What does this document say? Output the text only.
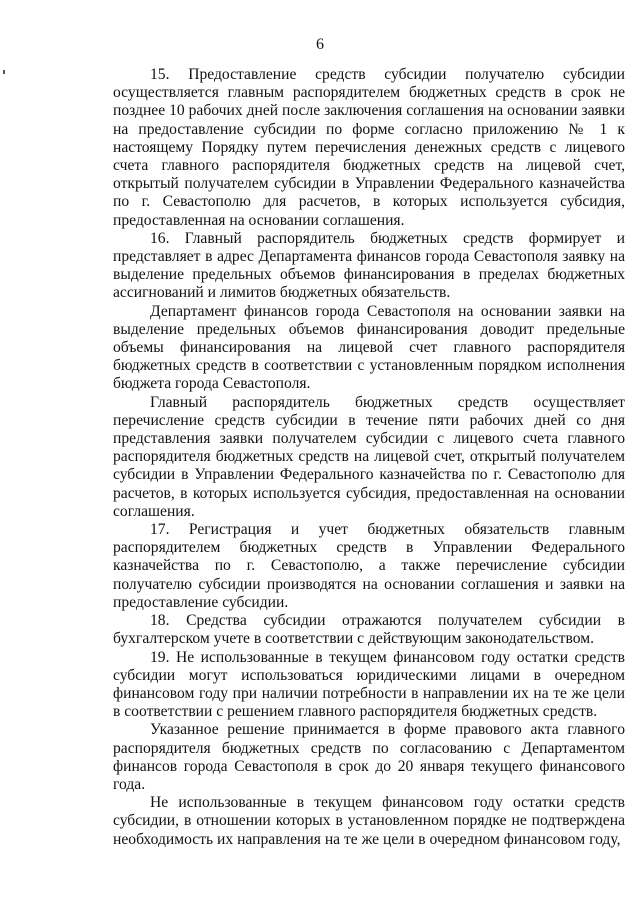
6

15. Предоставление средств субсидии получателю субсидии осуществляется главным распорядителем бюджетных средств в срок не позднее 10 рабочих дней после заключения соглашения на основании заявки на предоставление субсидии по форме согласно приложению № 1 к настоящему Порядку путем перечисления денежных средств с лицевого счета главного распорядителя бюджетных средств на лицевой счет, открытый получателем субсидии в Управлении Федерального казначейства по г. Севастополю для расчетов, в которых используется субсидия, предоставленная на основании соглашения.

16. Главный распорядитель бюджетных средств формирует и представляет в адрес Департамента финансов города Севастополя заявку на выделение предельных объемов финансирования в пределах бюджетных ассигнований и лимитов бюджетных обязательств.

Департамент финансов города Севастополя на основании заявки на выделение предельных объемов финансирования доводит предельные объемы финансирования на лицевой счет главного распорядителя бюджетных средств в соответствии с установленным порядком исполнения бюджета города Севастополя.

Главный распорядитель бюджетных средств осуществляет перечисление средств субсидии в течение пяти рабочих дней со дня представления заявки получателем субсидии с лицевого счета главного распорядителя бюджетных средств на лицевой счет, открытый получателем субсидии в Управлении Федерального казначейства по г. Севастополю для расчетов, в которых используется субсидия, предоставленная на основании соглашения.

17. Регистрация и учет бюджетных обязательств главным распорядителем бюджетных средств в Управлении Федерального казначейства по г. Севастополю, а также перечисление субсидии получателю субсидии производятся на основании соглашения и заявки на предоставление субсидии.

18. Средства субсидии отражаются получателем субсидии в бухгалтерском учете в соответствии с действующим законодательством.

19. Не использованные в текущем финансовом году остатки средств субсидии могут использоваться юридическими лицами в очередном финансовом году при наличии потребности в направлении их на те же цели в соответствии с решением главного распорядителя бюджетных средств.

Указанное решение принимается в форме правового акта главного распорядителя бюджетных средств по согласованию с Департаментом финансов города Севастополя в срок до 20 января текущего финансового года.

Не использованные в текущем финансовом году остатки средств субсидии, в отношении которых в установленном порядке не подтверждена необходимость их направления на те же цели в очередном финансовом году,
